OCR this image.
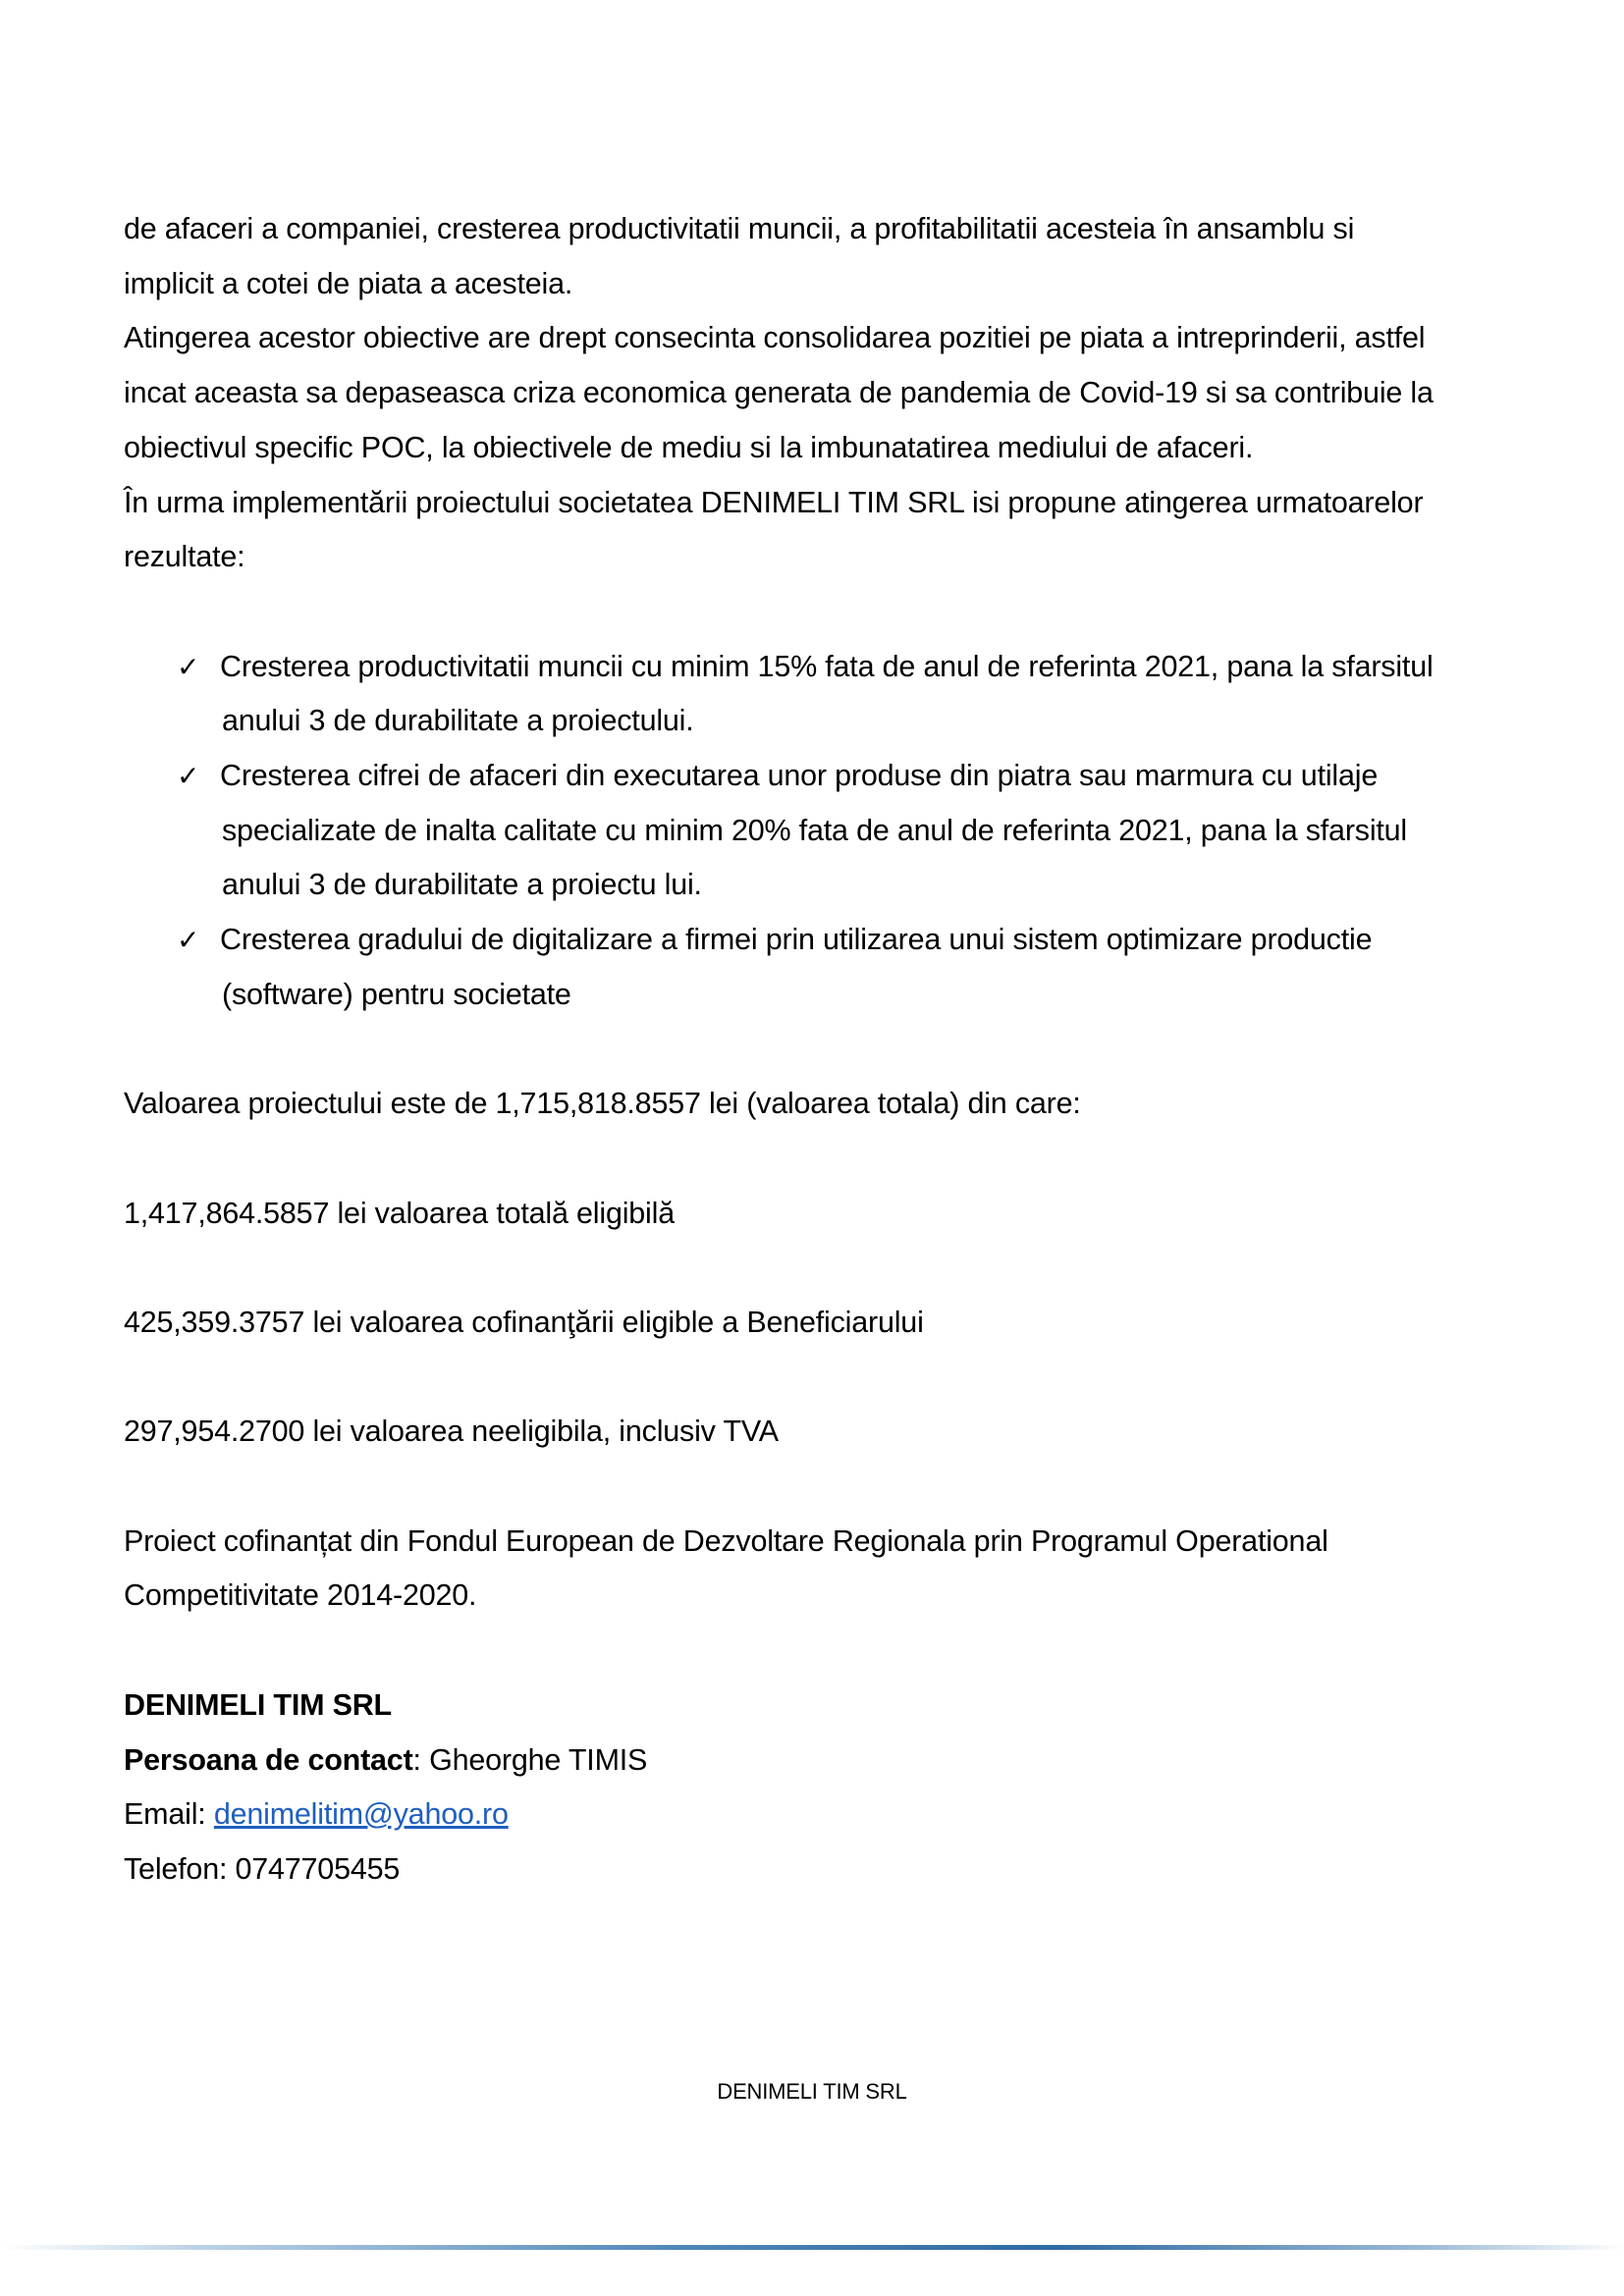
de afaceri a companiei, cresterea productivitatii muncii, a profitabilitatii acesteia în ansamblu si
implicit a cotei de piata a acesteia.
Atingerea acestor obiective are drept consecinta consolidarea pozitiei pe piata a intreprinderii, astfel
incat aceasta sa depaseasca criza economica generata de pandemia de Covid-19 si sa contribuie la
obiectivul specific POC, la obiectivele de mediu si la imbunatatirea mediului de afaceri.
În urma implementării proiectului societatea DENIMELI TIM SRL isi propune atingerea urmatoarelor
rezultate:

✓ Cresterea productivitatii muncii cu minim 15% fata de anul de referinta 2021, pana la sfarsitul
anului 3 de durabilitate a proiectului.
✓ Cresterea cifrei de afaceri din executarea unor produse din piatra sau marmura cu utilaje
specializate de inalta calitate cu minim 20% fata de anul de referinta 2021, pana la sfarsitul
anului 3 de durabilitate a proiectu lui.
✓ Cresterea gradului de digitalizare a firmei prin utilizarea unui sistem optimizare productie
(software) pentru societate

Valoarea proiectului este de 1,715,818.8557 lei (valoarea totala) din care:

1,417,864.5857 lei valoarea totală eligibilă

425,359.3757 lei valoarea cofinanţării eligible a Beneficiarului

297,954.2700 lei valoarea neeligibila, inclusiv TVA

Proiect cofinanțat din Fondul European de Dezvoltare Regionala prin Programul Operational
Competitivitate 2014-2020.

DENIMELI TIM SRL
Persoana de contact: Gheorghe TIMIS
Email: denimelitim@yahoo.ro
Telefon: 0747705455

DENIMELI TIM SRL
